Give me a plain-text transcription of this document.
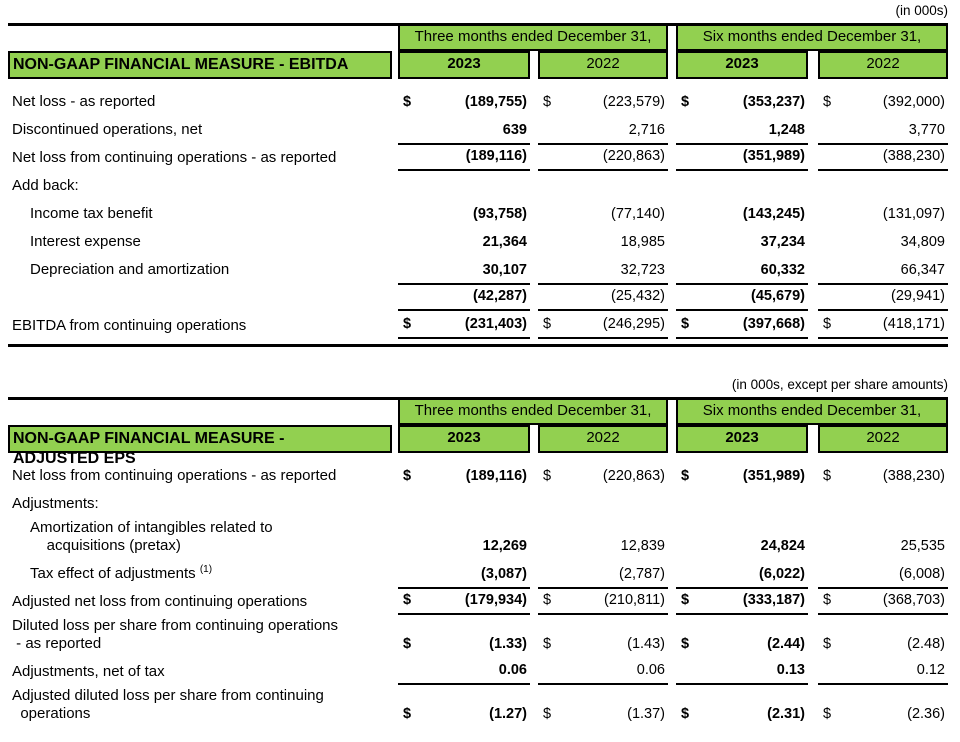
(in 000s)
Three months ended December 31,	Six months ended December 31,
NON-GAAP FINANCIAL MEASURE - EBITDA	2023	2022	2023	2022
Net loss - as reported	$	(189,755) $	(223,579) $	(353,237) $	(392,000)
Discontinued operations, net	639	2,716	1,248	3,770
Net loss from continuing operations - as reported	(189,116)	(220,863)	(351,989)	(388,230)
Add back:
Income tax benefit	(93,758)	(77,140)	(143,245)	(131,097)
Interest expense	21,364	18,985	37,234	34,809
Depreciation and amortization	30,107	32,723	60,332	66,347
(42,287)	(25,432)	(45,679)	(29,941)
EBITDA from continuing operations	$	(231,403) $	(246,295) $	(397,668) $	(418,171)
(in 000s, except per share amounts)
Three months ended December 31,	Six months ended December 31,
NON-GAAP FINANCIAL MEASURE -
ADJUSTED EPS
2023	2022	2023	2022
Net loss from continuing operations - as reported	$	(189,116) $	(220,863) $	(351,989) $	(388,230)
Adjustments:
Amortization of intangibles related to
acquisitions (pretax)	12,269	12,839	24,824	25,535
Tax effect of adjustments $^{(1)}$	(3,087)	(2,787)	(6,022)	(6,008)
Adjusted net loss from continuing operations	$	(179,934) $	(210,811) $	(333,187) $	(368,703)
Diluted loss per share from continuing operations
- as reported	$	(1.33) $	(1.43) $	(2.44) $	(2.48)
Adjustments, net of tax	0.06	0.06	0.13	0.12
Adjusted diluted loss per share from continuing
operations	$	(1.27) $	(1.37) $	(2.31) $	(2.36)
